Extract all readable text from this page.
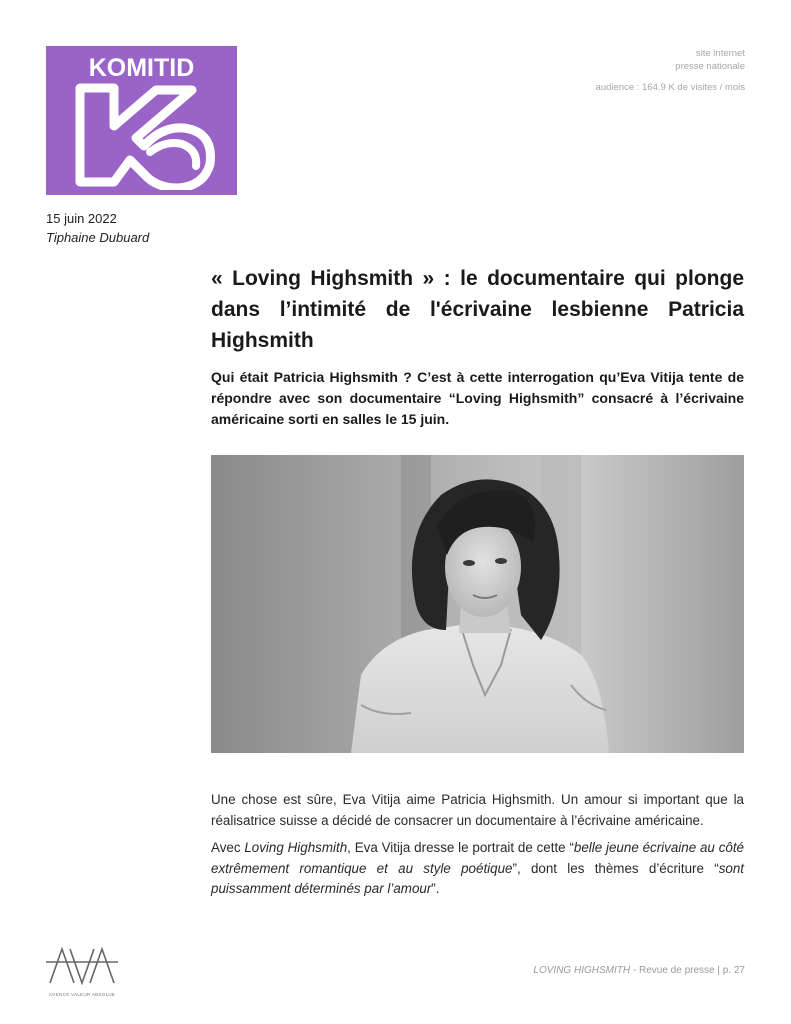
KOMITID
site internet
presse nationale
audience : 164.9 K de visites / mois
15 juin 2022
Tiphaine Dubuard
« Loving Highsmith » : le documentaire qui plonge dans l’intimité de l'écrivaine lesbienne Patricia Highsmith

Qui était Patricia Highsmith ? C’est à cette interrogation qu’Eva Vitija tente de répondre avec son documentaire “Loving Highsmith” consacré à l’écrivaine américaine sorti en salles le 15 juin.

Une chose est sûre, Eva Vitija aime Patricia Highsmith. Un amour si important que la réalisatrice suisse a décidé de consacrer un documentaire à l’écrivaine américaine.

Avec Loving Highsmith, Eva Vitija dresse le portrait de cette “belle jeune écrivaine au côté extrêmement romantique et au style poétique”, dont les thèmes d’écriture “sont puissamment déterminés par l’amour”.

AGENCE VALEUR ABSOLUE
LOVING HIGHSMITH - Revue de presse | p. 27
